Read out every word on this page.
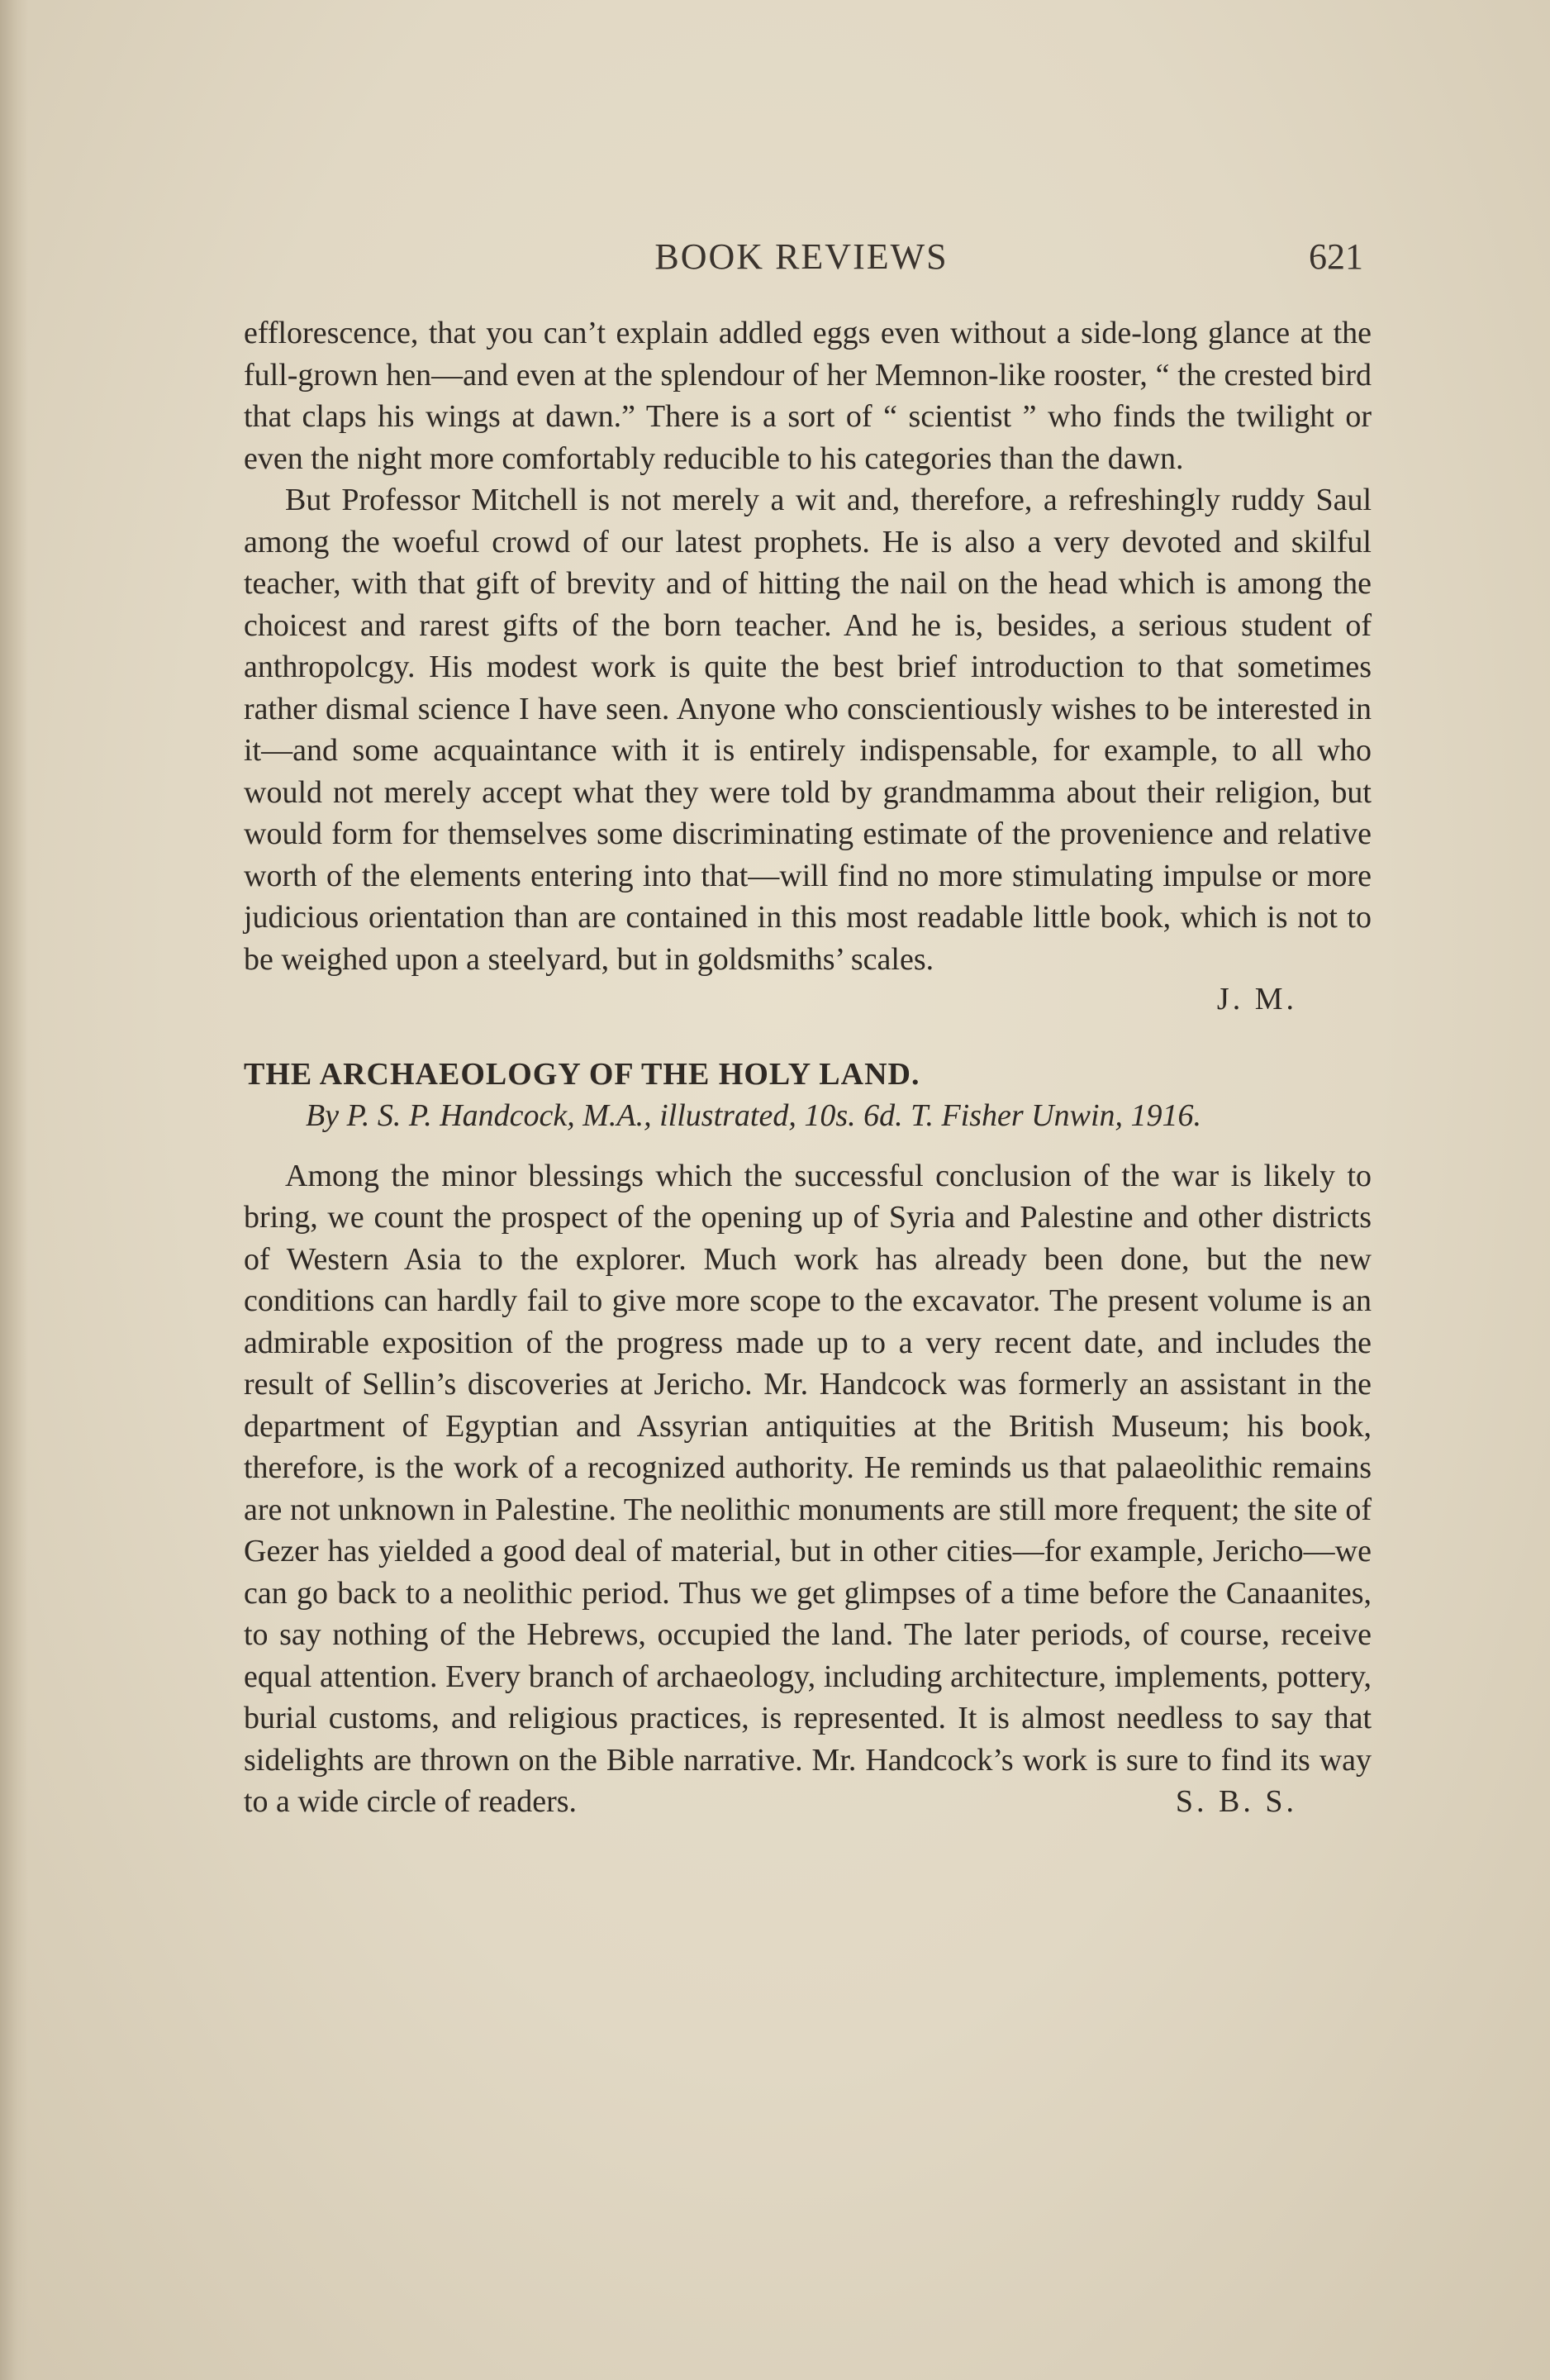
BOOK REVIEWS	621

efflorescence, that you can’t explain addled eggs even without a side-long glance at the full-grown hen—and even at the splendour of her Memnon-like rooster, “ the crested bird that claps his wings at dawn.” There is a sort of “ scientist ” who finds the twilight or even the night more comfortably reducible to his categories than the dawn.

But Professor Mitchell is not merely a wit and, therefore, a refreshingly ruddy Saul among the woeful crowd of our latest prophets. He is also a very devoted and skilful teacher, with that gift of brevity and of hitting the nail on the head which is among the choicest and rarest gifts of the born teacher. And he is, besides, a serious student of anthropolcgy. His modest work is quite the best brief introduction to that sometimes rather dismal science I have seen. Anyone who conscientiously wishes to be interested in it—and some acquaintance with it is entirely indispensable, for example, to all who would not merely accept what they were told by grandmamma about their religion, but would form for themselves some discriminating estimate of the provenience and relative worth of the elements entering into that—will find no more stimulating impulse or more judicious orientation than are contained in this most readable little book, which is not to be weighed upon a steelyard, but in goldsmiths’ scales.

J. M.

THE ARCHAEOLOGY OF THE HOLY LAND.

By P. S. P. Handcock, M.A., illustrated, 10s. 6d. T. Fisher Unwin, 1916.

Among the minor blessings which the successful conclusion of the war is likely to bring, we count the prospect of the opening up of Syria and Palestine and other districts of Western Asia to the explorer. Much work has already been done, but the new conditions can hardly fail to give more scope to the excavator. The present volume is an admirable exposition of the progress made up to a very recent date, and includes the result of Sellin’s discoveries at Jericho. Mr. Handcock was formerly an assistant in the department of Egyptian and Assyrian antiquities at the British Museum; his book, therefore, is the work of a recognized authority. He reminds us that palaeolithic remains are not unknown in Palestine. The neolithic monuments are still more frequent; the site of Gezer has yielded a good deal of material, but in other cities—for example, Jericho—we can go back to a neolithic period. Thus we get glimpses of a time before the Canaanites, to say nothing of the Hebrews, occupied the land. The later periods, of course, receive equal attention. Every branch of archaeology, including architecture, implements, pottery, burial customs, and religious practices, is represented. It is almost needless to say that sidelights are thrown on the Bible narrative. Mr. Handcock’s work is sure to find its way to a wide circle of readers.	S. B. S.
